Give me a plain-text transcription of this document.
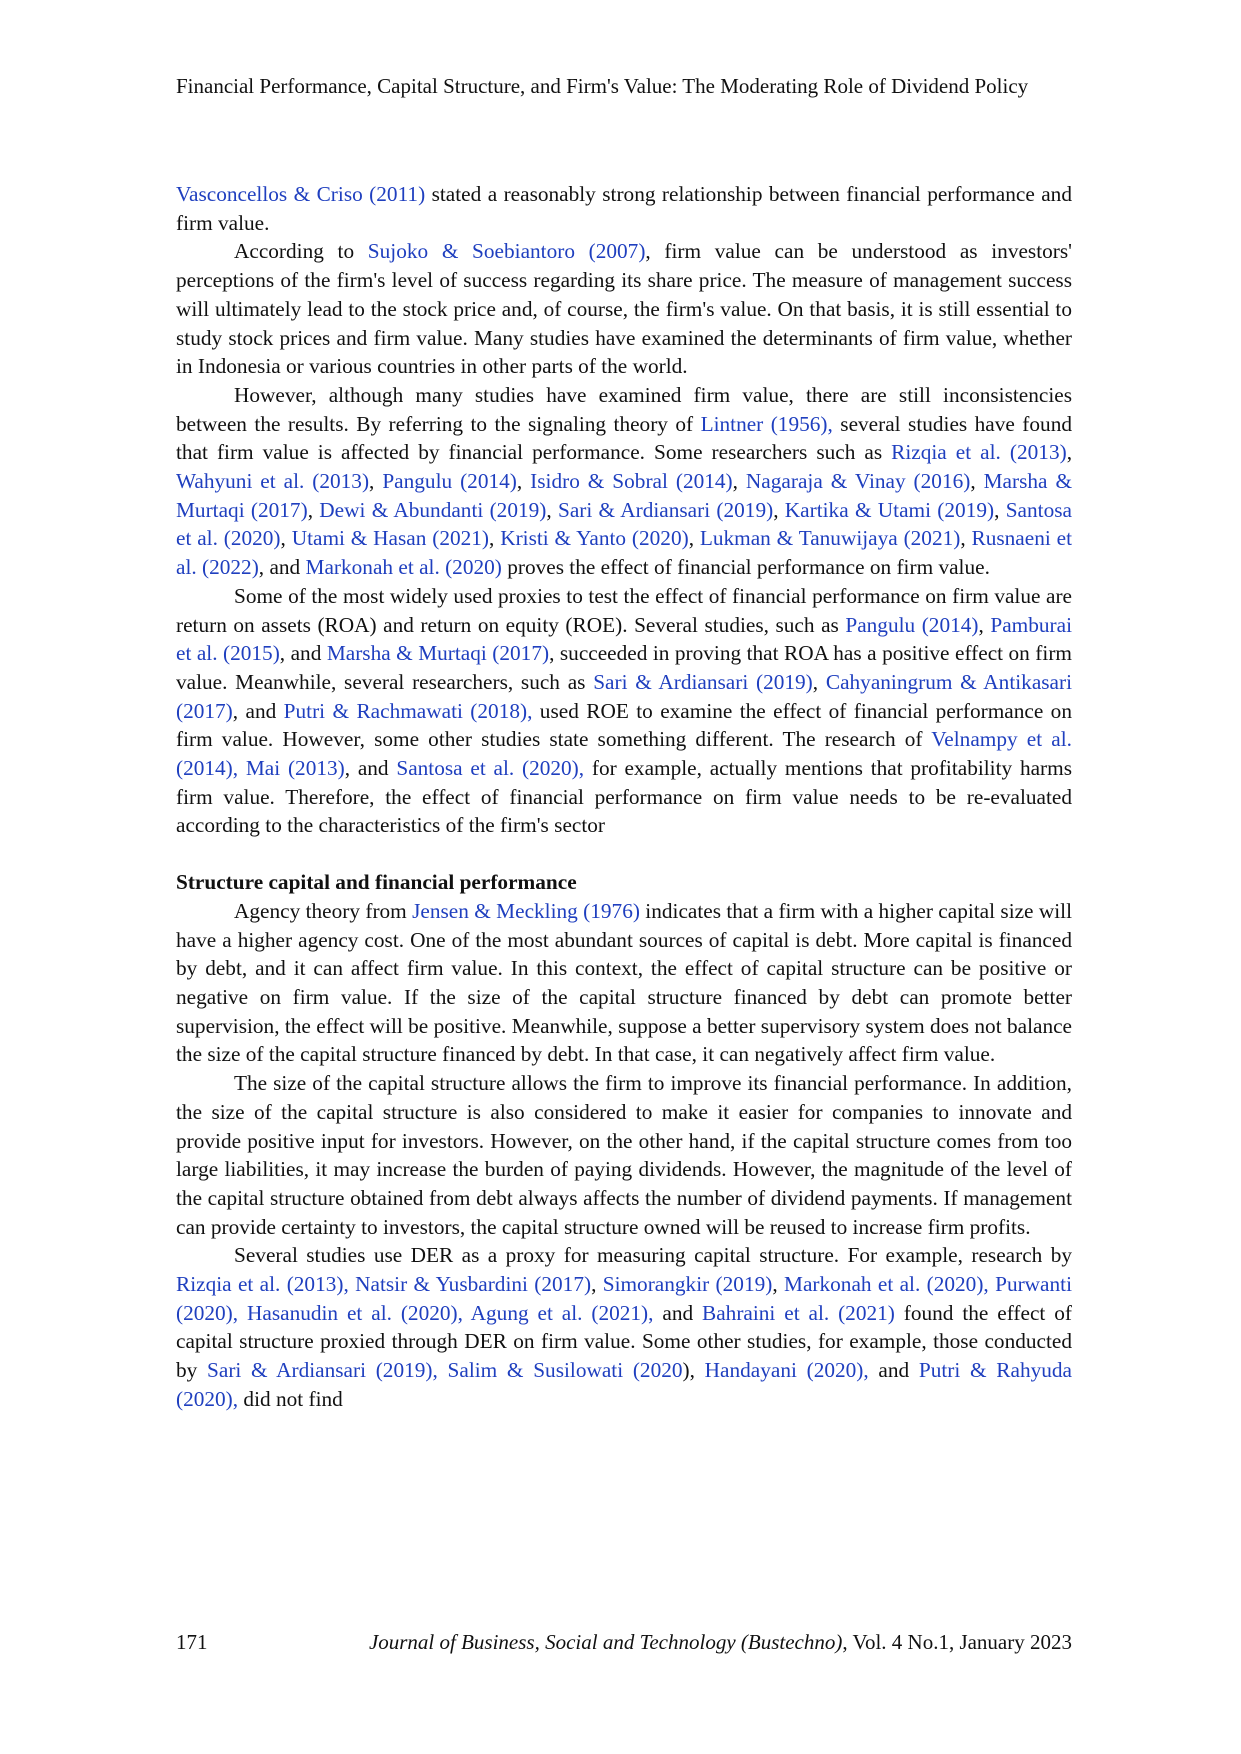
Financial Performance, Capital Structure, and Firm's Value: The Moderating Role of Dividend Policy

Vasconcellos & Criso (2011) stated a reasonably strong relationship between financial performance and firm value.

According to Sujoko & Soebiantoro (2007), firm value can be understood as investors' perceptions of the firm's level of success regarding its share price. The measure of management success will ultimately lead to the stock price and, of course, the firm's value. On that basis, it is still essential to study stock prices and firm value. Many studies have examined the determinants of firm value, whether in Indonesia or various countries in other parts of the world.

However, although many studies have examined firm value, there are still inconsistencies between the results. By referring to the signaling theory of Lintner (1956), several studies have found that firm value is affected by financial performance. Some researchers such as Rizqia et al. (2013), Wahyuni et al. (2013), Pangulu (2014), Isidro & Sobral (2014), Nagaraja & Vinay (2016), Marsha & Murtaqi (2017), Dewi & Abundanti (2019), Sari & Ardiansari (2019), Kartika & Utami (2019), Santosa et al. (2020), Utami & Hasan (2021), Kristi & Yanto (2020), Lukman & Tanuwijaya (2021), Rusnaeni et al. (2022), and Markonah et al. (2020) proves the effect of financial performance on firm value.

Some of the most widely used proxies to test the effect of financial performance on firm value are return on assets (ROA) and return on equity (ROE). Several studies, such as Pangulu (2014), Pamburai et al. (2015), and Marsha & Murtaqi (2017), succeeded in proving that ROA has a positive effect on firm value. Meanwhile, several researchers, such as Sari & Ardiansari (2019), Cahyaningrum & Antikasari (2017), and Putri & Rachmawati (2018), used ROE to examine the effect of financial performance on firm value. However, some other studies state something different. The research of Velnampy et al. (2014), Mai (2013), and Santosa et al. (2020), for example, actually mentions that profitability harms firm value. Therefore, the effect of financial performance on firm value needs to be re-evaluated according to the characteristics of the firm's sector

Structure capital and financial performance

Agency theory from Jensen & Meckling (1976) indicates that a firm with a higher capital size will have a higher agency cost. One of the most abundant sources of capital is debt. More capital is financed by debt, and it can affect firm value. In this context, the effect of capital structure can be positive or negative on firm value. If the size of the capital structure financed by debt can promote better supervision, the effect will be positive. Meanwhile, suppose a better supervisory system does not balance the size of the capital structure financed by debt. In that case, it can negatively affect firm value.

The size of the capital structure allows the firm to improve its financial performance. In addition, the size of the capital structure is also considered to make it easier for companies to innovate and provide positive input for investors. However, on the other hand, if the capital structure comes from too large liabilities, it may increase the burden of paying dividends. However, the magnitude of the level of the capital structure obtained from debt always affects the number of dividend payments. If management can provide certainty to investors, the capital structure owned will be reused to increase firm profits.

Several studies use DER as a proxy for measuring capital structure. For example, research by Rizqia et al. (2013), Natsir & Yusbardini (2017), Simorangkir (2019), Markonah et al. (2020), Purwanti (2020), Hasanudin et al. (2020), Agung et al. (2021), and Bahraini et al. (2021) found the effect of capital structure proxied through DER on firm value. Some other studies, for example, those conducted by Sari & Ardiansari (2019), Salim & Susilowati (2020), Handayani (2020), and Putri & Rahyuda (2020), did not find

171	Journal of Business, Social and Technology (Bustechno), Vol. 4 No.1, January 2023
